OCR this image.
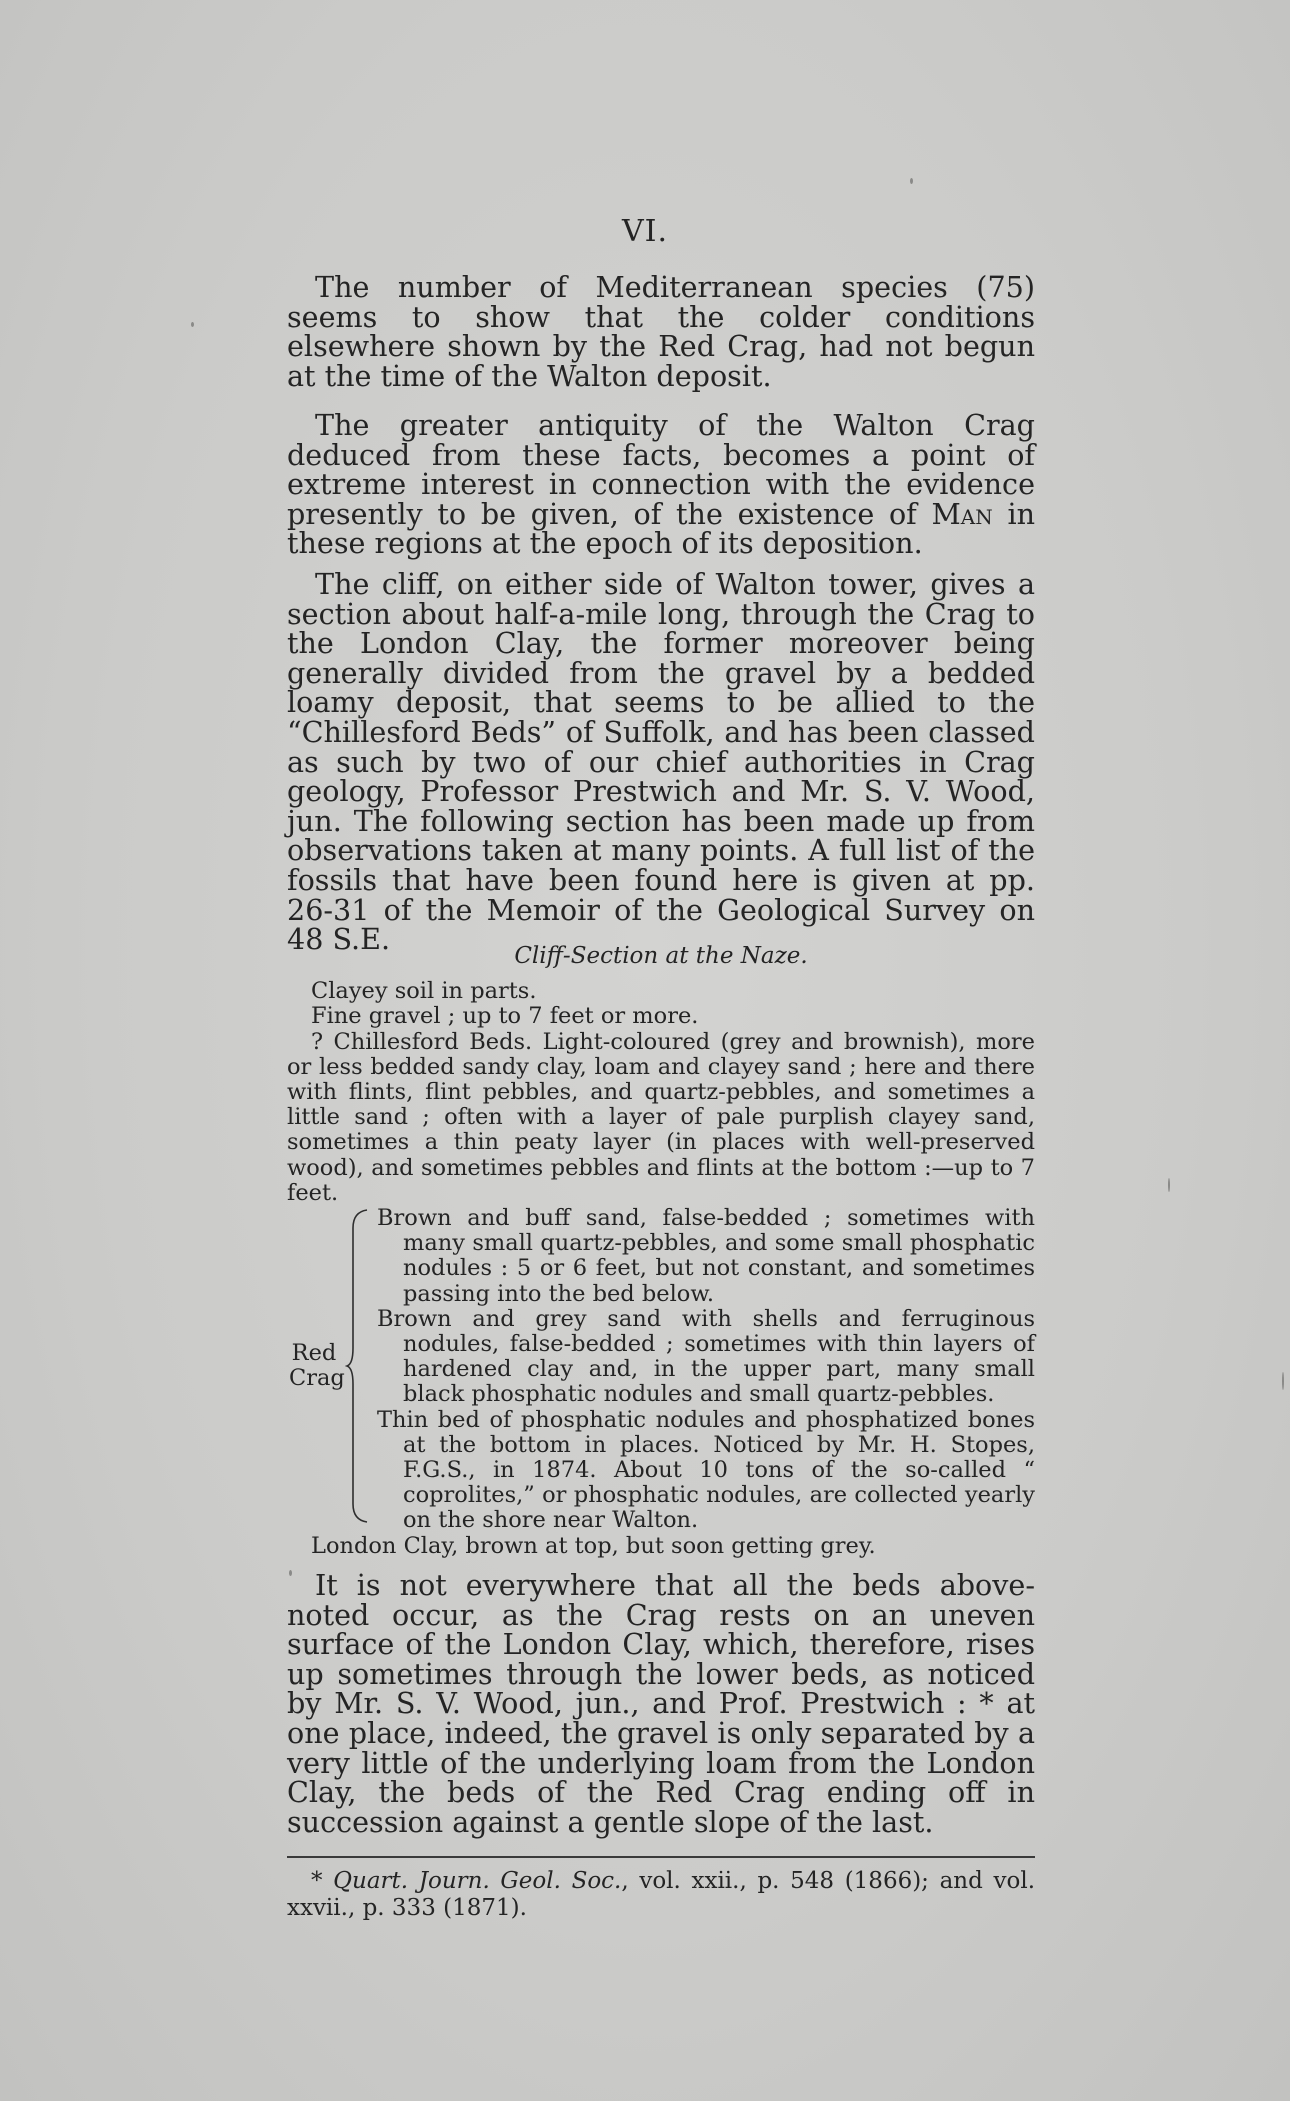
VI.

The number of Mediterranean species (75) seems to show that the colder conditions elsewhere shown by the Red Crag, had not begun at the time of the Walton deposit.

The greater antiquity of the Walton Crag deduced from these facts, becomes a point of extreme interest in connection with the evidence presently to be given, of the existence of Man in these regions at the epoch of its deposition.

The cliff, on either side of Walton tower, gives a section about half-a-mile long, through the Crag to the London Clay, the former moreover being generally divided from the gravel by a bedded loamy deposit, that seems to be allied to the “Chillesford Beds” of Suffolk, and has been classed as such by two of our chief authorities in Crag geology, Professor Prestwich and Mr. S. V. Wood, jun. The following section has been made up from observations taken at many points. A full list of the fossils that have been found here is given at pp. 26-31 of the Memoir of the Geological Survey on 48 S.E.	Cliff-Section at the Naze.

Clayey soil in parts.

Fine gravel ; up to 7 feet or more.

? Chillesford Beds. Light-coloured (grey and brownish), more or less bedded sandy clay, loam and clayey sand ; here and there with flints, flint pebbles, and quartz-pebbles, and sometimes a little sand ; often with a layer of pale purplish clayey sand, sometimes a thin peaty layer (in places with well-preserved wood), and sometimes pebbles and flints at the bottom :—up to 7 feet.

Red
Crag

Brown and buff sand, false-bedded ; sometimes with many small quartz-pebbles, and some small phosphatic nodules : 5 or 6 feet, but not constant, and sometimes passing into the bed below.

Brown and grey sand with shells and ferruginous nodules, false-bedded ; sometimes with thin layers of hardened clay and, in the upper part, many small black phosphatic nodules and small quartz-pebbles.

Thin bed of phosphatic nodules and phosphatized bones at the bottom in places. Noticed by Mr. H. Stopes, F.G.S., in 1874. About 10 tons of the so-called “ coprolites,” or phosphatic nodules, are collected yearly on the shore near Walton.

London Clay, brown at top, but soon getting grey.

It is not everywhere that all the beds above-noted occur, as the Crag rests on an uneven surface of the London Clay, which, therefore, rises up sometimes through the lower beds, as noticed by Mr. S. V. Wood, jun., and Prof. Prestwich : * at one place, indeed, the gravel is only separated by a very little of the underlying loam from the London Clay, the beds of the Red Crag ending off in succession against a gentle slope of the last.

* Quart. Journ. Geol. Soc., vol. xxii., p. 548 (1866); and vol. xxvii., p. 333 (1871).
